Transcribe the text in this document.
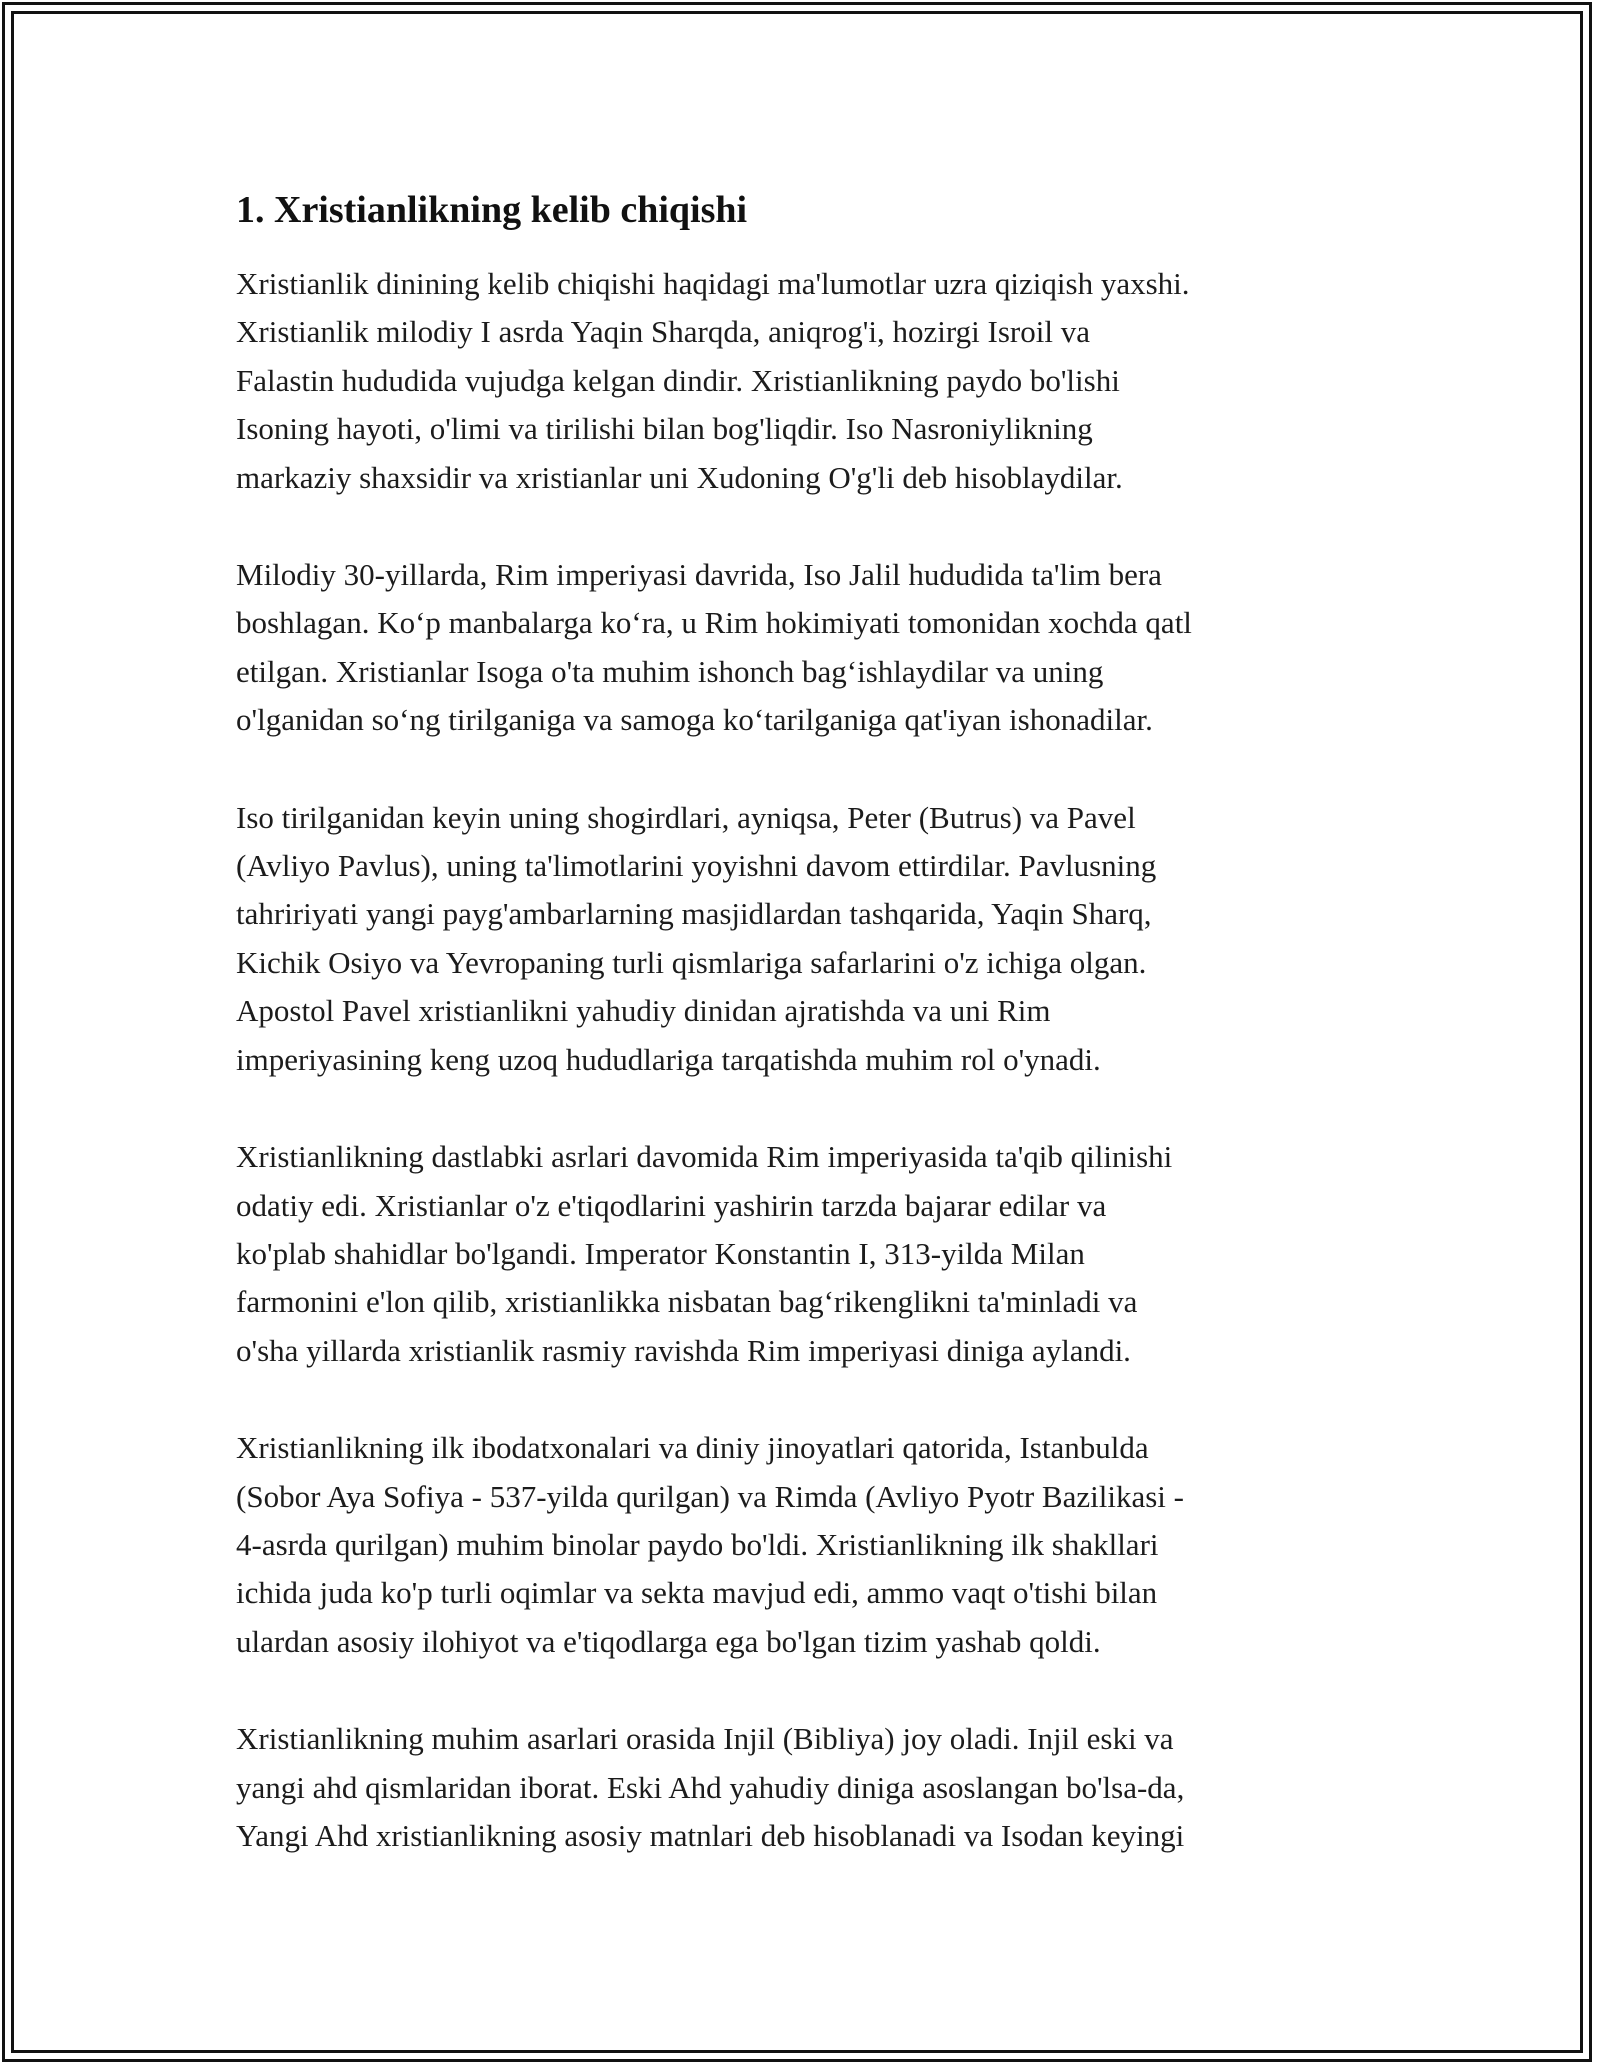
1. Xristianlikning kelib chiqishi

Xristianlik dinining kelib chiqishi haqidagi ma'lumotlar uzra qiziqish yaxshi.
Xristianlik milodiy I asrda Yaqin Sharqda, aniqrog'i, hozirgi Isroil va
Falastin hududida vujudga kelgan dindir. Xristianlikning paydo bo'lishi
Isoning hayoti, o'limi va tirilishi bilan bog'liqdir. Iso Nasroniylikning
markaziy shaxsidir va xristianlar uni Xudoning O'g'li deb hisoblaydilar.

Milodiy 30-yillarda, Rim imperiyasi davrida, Iso Jalil hududida ta'lim bera
boshlagan. Koʻp manbalarga koʻra, u Rim hokimiyati tomonidan xochda qatl
etilgan. Xristianlar Isoga o'ta muhim ishonch bagʻishlaydilar va uning
o'lganidan soʻng tirilganiga va samoga koʻtarilganiga qat'iyan ishonadilar.

Iso tirilganidan keyin uning shogirdlari, ayniqsa, Peter (Butrus) va Pavel
(Avliyo Pavlus), uning ta'limotlarini yoyishni davom ettirdilar. Pavlusning
tahririyati yangi payg'ambarlarning masjidlardan tashqarida, Yaqin Sharq,
Kichik Osiyo va Yevropaning turli qismlariga safarlarini o'z ichiga olgan.
Apostol Pavel xristianlikni yahudiy dinidan ajratishda va uni Rim
imperiyasining keng uzoq hududlariga tarqatishda muhim rol o'ynadi.

Xristianlikning dastlabki asrlari davomida Rim imperiyasida ta'qib qilinishi
odatiy edi. Xristianlar o'z e'tiqodlarini yashirin tarzda bajarar edilar va
ko'plab shahidlar bo'lgandi. Imperator Konstantin I, 313-yilda Milan
farmonini e'lon qilib, xristianlikka nisbatan bagʻrikenglikni ta'minladi va
o'sha yillarda xristianlik rasmiy ravishda Rim imperiyasi diniga aylandi.

Xristianlikning ilk ibodatxonalari va diniy jinoyatlari qatorida, Istanbulda
(Sobor Aya Sofiya - 537-yilda qurilgan) va Rimda (Avliyo Pyotr Bazilikasi -
4-asrda qurilgan) muhim binolar paydo bo'ldi. Xristianlikning ilk shakllari
ichida juda ko'p turli oqimlar va sekta mavjud edi, ammo vaqt o'tishi bilan
ulardan asosiy ilohiyot va e'tiqodlarga ega bo'lgan tizim yashab qoldi.

Xristianlikning muhim asarlari orasida Injil (Bibliya) joy oladi. Injil eski va
yangi ahd qismlaridan iborat. Eski Ahd yahudiy diniga asoslangan bo'lsa-da,
Yangi Ahd xristianlikning asosiy matnlari deb hisoblanadi va Isodan keyingi
